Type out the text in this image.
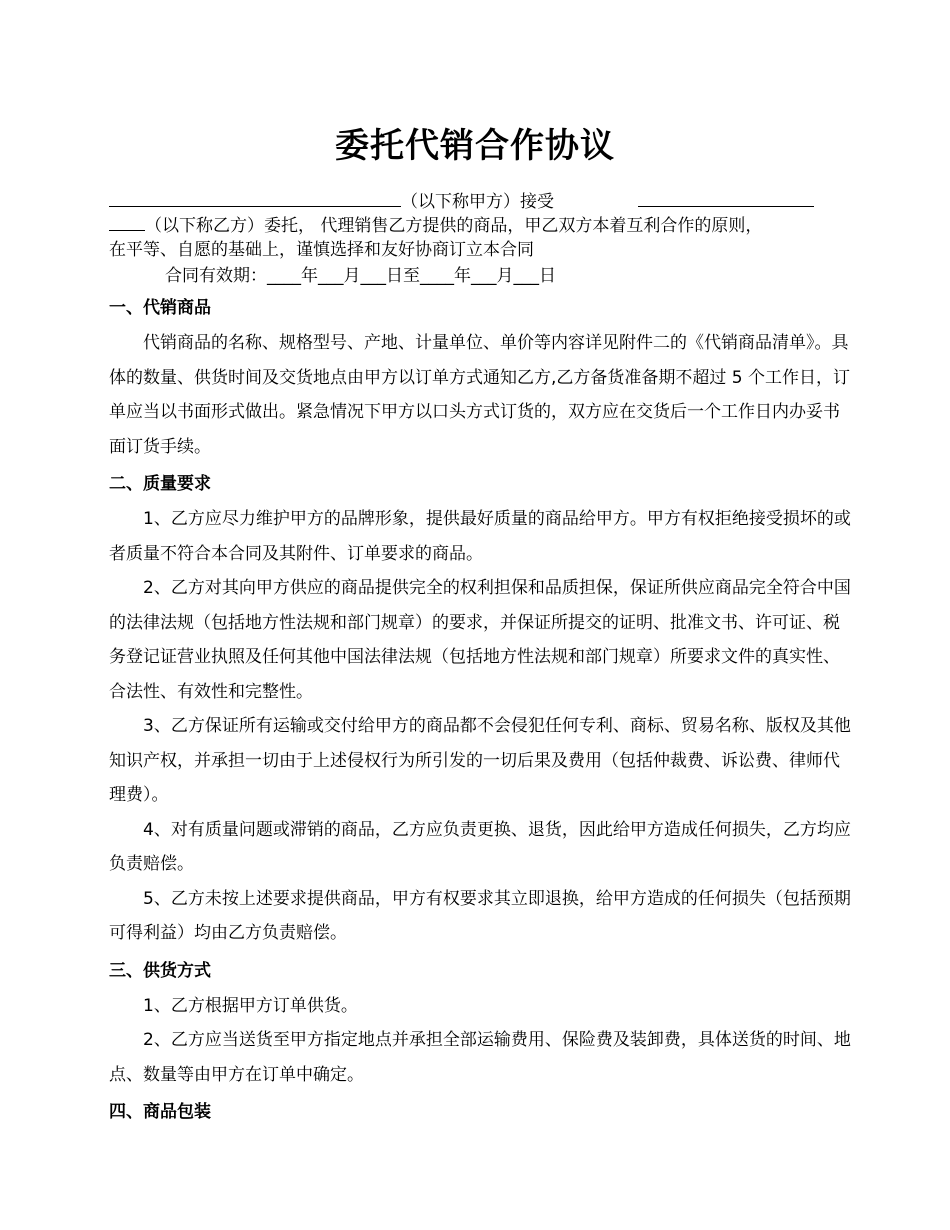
委托代销合作协议
（以下称甲方）接受
（以下称乙方）委托， 代理销售乙方提供的商品，甲乙双方本着互利合作的原则，
在平等、自愿的基础上，谨慎选择和友好协商订立本合同
合同有效期：____年___月___日至____年___月___日
一、代销商品

代销商品的名称、规格型号、产地、计量单位、单价等内容详见附件二的《代销商品清单》。具体的数量、供货时间及交货地点由甲方以订单方式通知乙方,乙方备货准备期不超过 5 个工作日，订单应当以书面形式做出。紧急情况下甲方以口头方式订货的，双方应在交货后一个工作日内办妥书面订货手续。

二、质量要求

1、乙方应尽力维护甲方的品牌形象，提供最好质量的商品给甲方。甲方有权拒绝接受损坏的或者质量不符合本合同及其附件、订单要求的商品。

2、乙方对其向甲方供应的商品提供完全的权利担保和品质担保，保证所供应商品完全符合中国的法律法规（包括地方性法规和部门规章）的要求，并保证所提交的证明、批准文书、许可证、税务登记证营业执照及任何其他中国法律法规（包括地方性法规和部门规章）所要求文件的真实性、合法性、有效性和完整性。

3、乙方保证所有运输或交付给甲方的商品都不会侵犯任何专利、商标、贸易名称、版权及其他知识产权，并承担一切由于上述侵权行为所引发的一切后果及费用（包括仲裁费、诉讼费、律师代理费）。

4、对有质量问题或滞销的商品，乙方应负责更换、退货，因此给甲方造成任何损失，乙方均应负责赔偿。

5、乙方未按上述要求提供商品，甲方有权要求其立即退换，给甲方造成的任何损失（包括预期可得利益）均由乙方负责赔偿。

三、供货方式

1、乙方根据甲方订单供货。

2、乙方应当送货至甲方指定地点并承担全部运输费用、保险费及装卸费，具体送货的时间、地点、数量等由甲方在订单中确定。

四、商品包装
